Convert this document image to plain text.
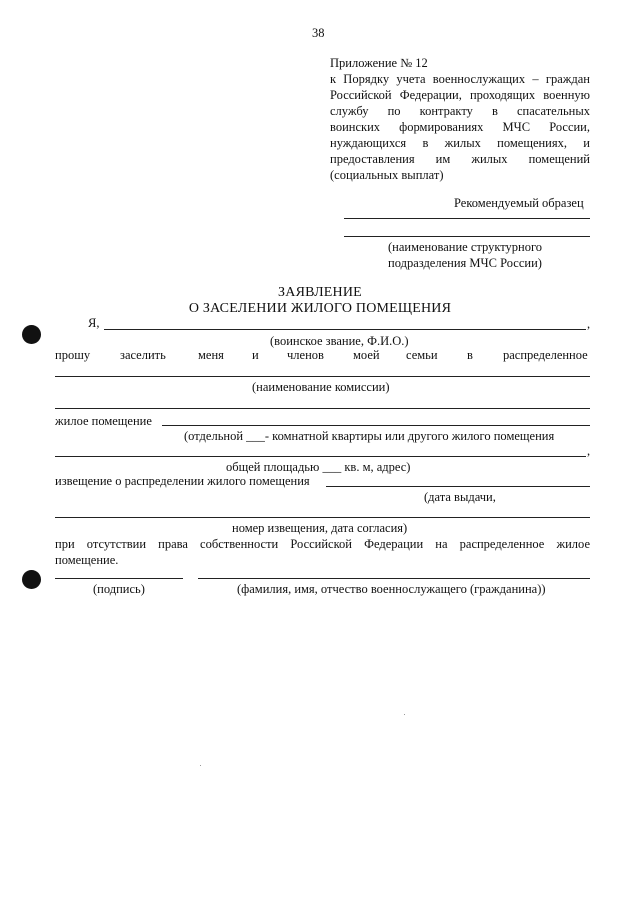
38
Приложение № 12
к Порядку учета военнослужащих – граждан
Российской Федерации, проходящих военную
службу по контракту в спасательных
воинских формированиях МЧС России,
нуждающихся в жилых помещениях, и
предоставления им жилых помещений
(социальных выплат)
Рекомендуемый образец
(наименование структурного
подразделения МЧС России)
ЗАЯВЛЕНИЕ
О ЗАСЕЛЕНИИ ЖИЛОГО ПОМЕЩЕНИЯ
Я,	,
(воинское звание, Ф.И.О.)
прошу заселить	меня и членов моей семьи в распределенное
(наименование комиссии)
жилое помещение
(отдельной ___- комнатной квартиры или другого жилого помещения
,
общей площадью ___ кв. м, адрес)
извещение о распределении жилого помещения
(дата выдачи,
номер извещения, дата согласия)
при отсутствии права собственности Российской Федерации на распределенное жилое
помещение.
(подпись)	(фамилия, имя, отчество военнослужащего (гражданина))
